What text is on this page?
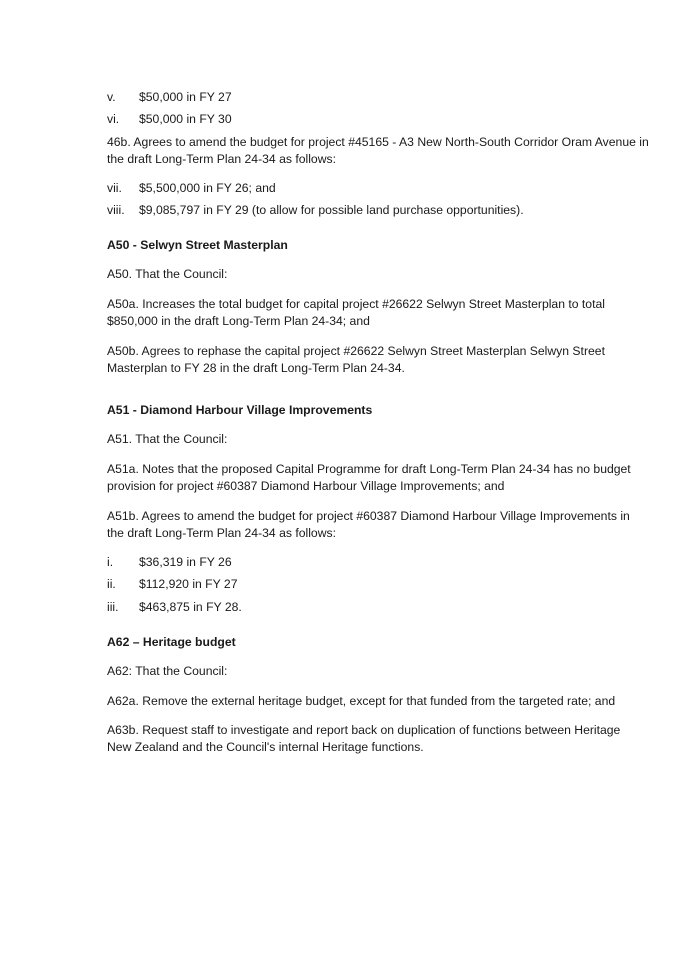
v. $50,000 in FY 27
vi. $50,000 in FY 30
46b. Agrees to amend the budget for project #45165 - A3 New North-South Corridor Oram Avenue in
the draft Long-Term Plan 24-34 as follows:
vii. $5,500,000 in FY 26; and
viii. $9,085,797 in FY 29 (to allow for possible land purchase opportunities).
A50 - Selwyn Street Masterplan
A50. That the Council:
A50a. Increases the total budget for capital project #26622 Selwyn Street Masterplan to total
$850,000 in the draft Long-Term Plan 24-34; and
A50b. Agrees to rephase the capital project #26622 Selwyn Street Masterplan Selwyn Street
Masterplan to FY 28 in the draft Long-Term Plan 24-34.
A51 - Diamond Harbour Village Improvements
A51. That the Council:
A51a. Notes that the proposed Capital Programme for draft Long-Term Plan 24-34 has no budget
provision for project #60387 Diamond Harbour Village Improvements; and
A51b. Agrees to amend the budget for project #60387 Diamond Harbour Village Improvements in
the draft Long-Term Plan 24-34 as follows:
i. $36,319 in FY 26
ii. $112,920 in FY 27
iii. $463,875 in FY 28.
A62 – Heritage budget
A62: That the Council:
A62a. Remove the external heritage budget, except for that funded from the targeted rate; and
A63b. Request staff to investigate and report back on duplication of functions between Heritage
New Zealand and the Council's internal Heritage functions.
